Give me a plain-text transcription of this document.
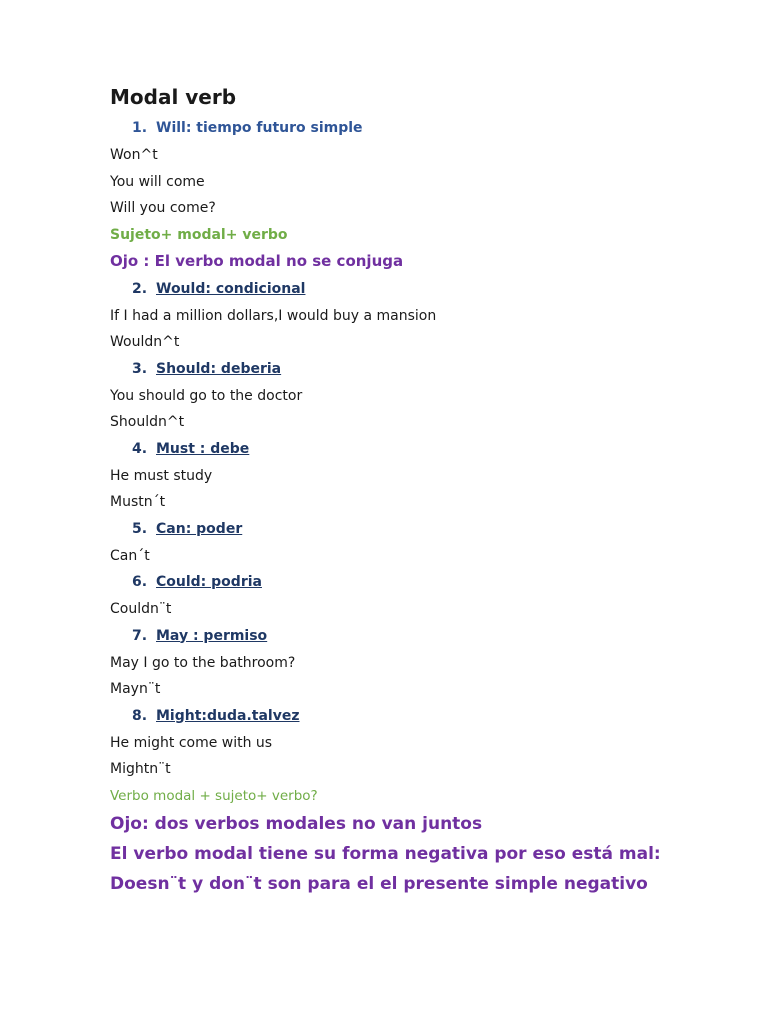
Modal verb
1. Will: tiempo futuro simple

Won^t

You will come

Will you come?

Sujeto+ modal+ verbo

Ojo : El verbo modal no se conjuga

2. Would: condicional

If I had a million dollars,I would buy a mansion

Wouldn^t

3. Should: deberia

You should go to the doctor

Shouldn^t

4. Must : debe

He must study

Mustn´t

5. Can: poder

Can´t

6. Could: podria

Couldn¨t

7. May : permiso

May I go to the bathroom?

Mayn¨t

8. Might:duda.talvez

He might come with us

Mightn¨t

Verbo modal + sujeto+ verbo?

Ojo: dos verbos modales no van juntos

El verbo modal tiene su forma negativa por eso está mal:

Doesn¨t y don¨t son para el el presente simple negativo
